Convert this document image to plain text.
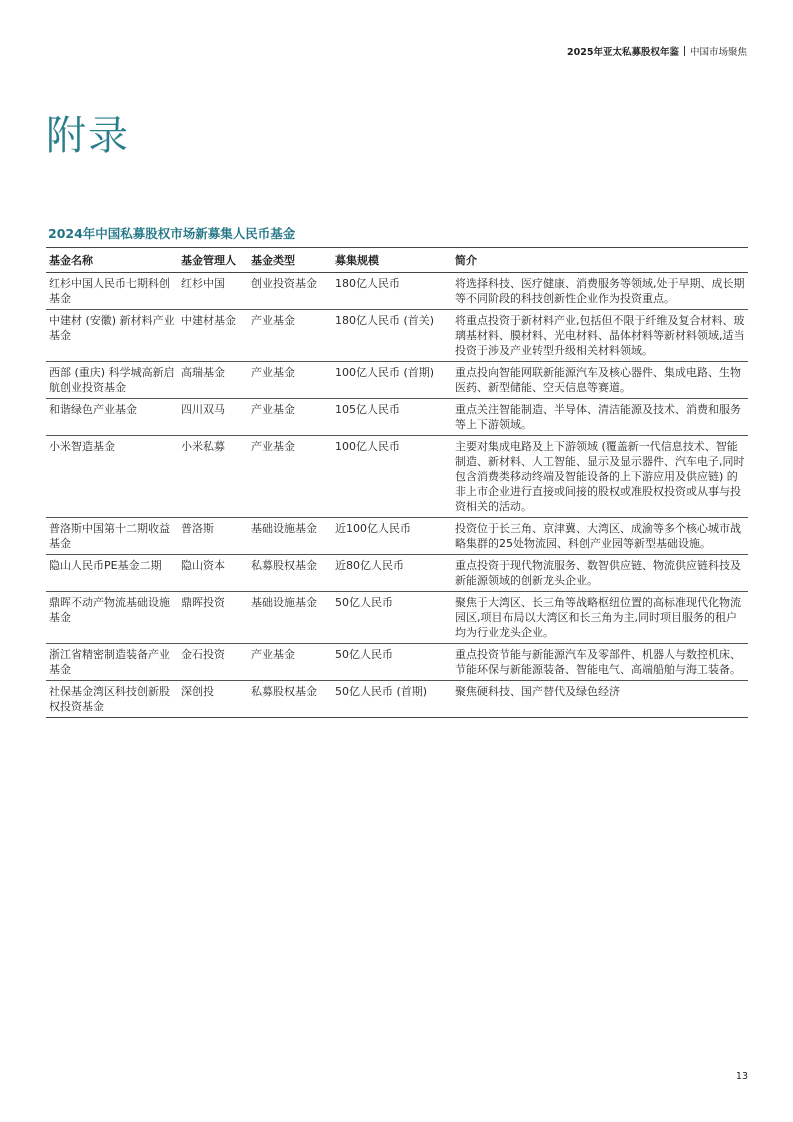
2025年亚太私募股权年鉴 中国市场聚焦
附录
2024年中国私募股权市场新募集人民币基金
基金名称	基金管理人	基金类型	募集规模	简介
红杉中国人民币七期科创基金	红杉中国	创业投资基金	180亿人民币	将选择科技、医疗健康、消费服务等领域,处于早期、成长期等不同阶段的科技创新性企业作为投资重点。
中建材 (安徽) 新材料产业基金	中建材基金	产业基金	180亿人民币 (首关)	将重点投资于新材料产业,包括但不限于纤维及复合材料、玻璃基材料、膜材料、光电材料、晶体材料等新材料领域,适当投资于涉及产业转型升级相关材料领域。
西部 (重庆) 科学城高新启航创业投资基金	高瑞基金	产业基金	100亿人民币 (首期)	重点投向智能网联新能源汽车及核心器件、集成电路、生物医药、新型储能、空天信息等赛道。
和谐绿色产业基金	四川双马	产业基金	105亿人民币	重点关注智能制造、半导体、清洁能源及技术、消费和服务等上下游领域。
小米智造基金	小米私募	产业基金	100亿人民币	主要对集成电路及上下游领域 (覆盖新一代信息技术、智能制造、新材料、人工智能、显示及显示器件、汽车电子,同时包含消费类移动终端及智能设备的上下游应用及供应链) 的非上市企业进行直接或间接的股权或准股权投资或从事与投资相关的活动。
普洛斯中国第十二期收益基金	普洛斯	基础设施基金	近100亿人民币	投资位于长三角、京津冀、大湾区、成渝等多个核心城市战略集群的25处物流园、科创产业园等新型基础设施。
隐山人民币PE基金二期	隐山资本	私募股权基金	近80亿人民币	重点投资于现代物流服务、数智供应链、物流供应链科技及新能源领域的创新龙头企业。
鼎晖不动产物流基础设施基金	鼎晖投资	基础设施基金	50亿人民币	聚焦于大湾区、长三角等战略枢纽位置的高标准现代化物流园区,项目布局以大湾区和长三角为主,同时项目服务的租户均为行业龙头企业。
浙江省精密制造装备产业基金	金石投资	产业基金	50亿人民币	重点投资节能与新能源汽车及零部件、机器人与数控机床、节能环保与新能源装备、智能电气、高端船舶与海工装备。
社保基金湾区科技创新股权投资基金	深创投	私募股权基金	50亿人民币 (首期)	聚焦硬科技、国产替代及绿色经济
13
